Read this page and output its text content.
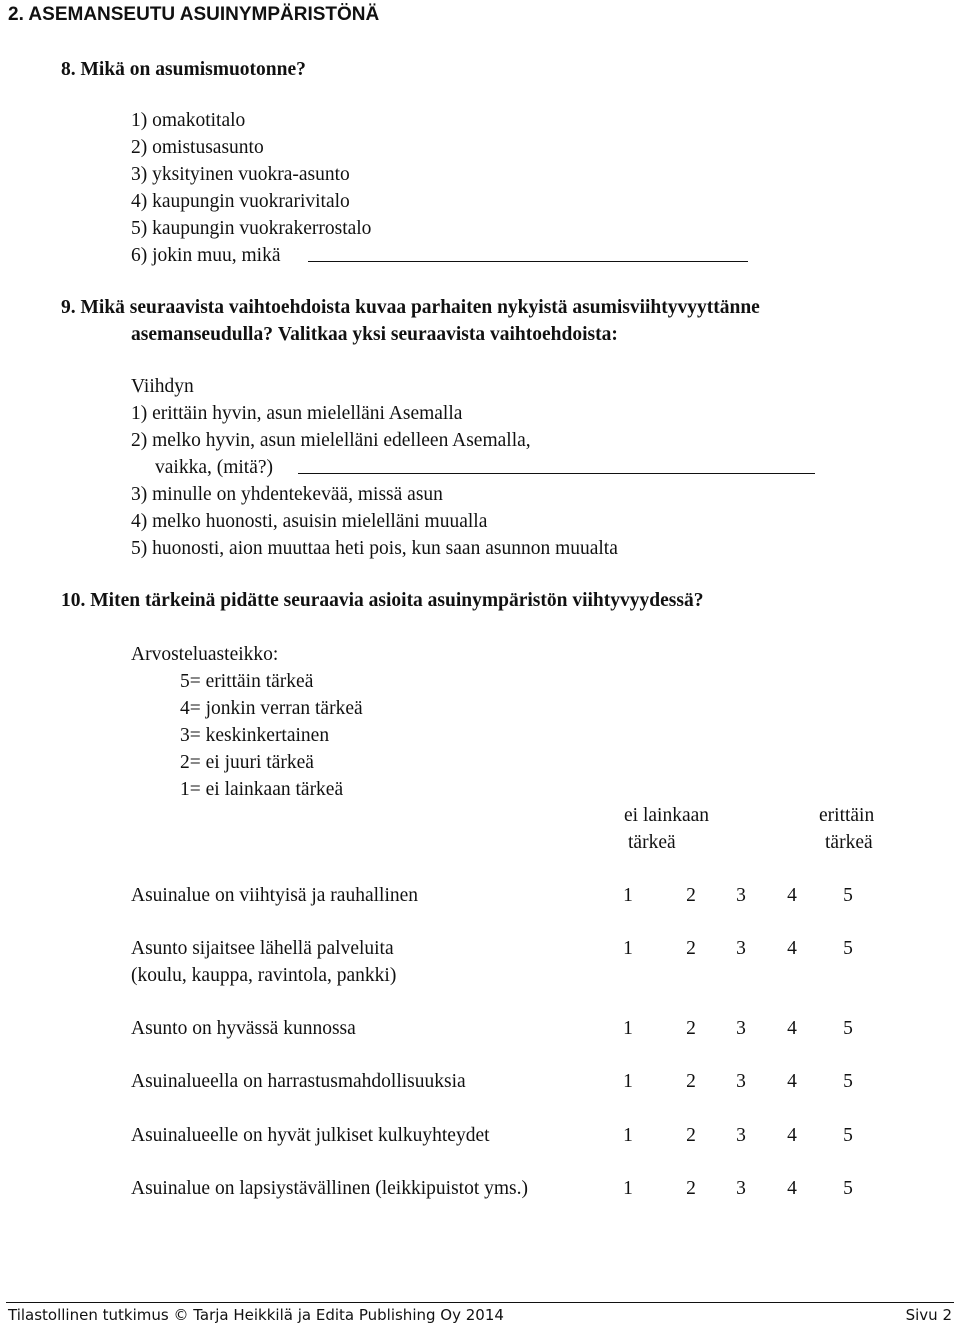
2. ASEMANSEUTU ASUINYMPÄRISTÖNÄ
8. Mikä on asumismuotonne?
1) omakotitalo
2) omistusasunto
3) yksityinen vuokra-asunto
4) kaupungin vuokrarivitalo
5) kaupungin vuokrakerrostalo
6) jokin muu, mikä
9. Mikä seuraavista vaihtoehdoista kuvaa parhaiten nykyistä asumisviihtyvyyttänne
asemanseudulla? Valitkaa yksi seuraavista vaihtoehdoista:
Viihdyn
1) erittäin hyvin, asun mielelläni Asemalla
2) melko hyvin, asun mielelläni edelleen Asemalla,
vaikka, (mitä?)
3) minulle on yhdentekevää, missä asun
4) melko huonosti, asuisin mielelläni muualla
5) huonosti, aion muuttaa heti pois, kun saan asunnon muualta
10. Miten tärkeinä pidätte seuraavia asioita asuinympäristön viihtyvyydessä?
Arvosteluasteikko:
5= erittäin tärkeä
4= jonkin verran tärkeä
3= keskinkertainen
2= ei juuri tärkeä
1= ei lainkaan tärkeä
ei lainkaan
tärkeä
erittäin
tärkeä
Asuinalue on viihtyisä ja rauhallinen	1	2 3 4 5
Asunto sijaitsee lähellä palveluita
(koulu, kauppa, ravintola, pankki)
1	2 3 4 5
Asunto on hyvässä kunnossa	1	2 3 4 5
Asuinalueella on harrastusmahdollisuuksia	1	2 3 4 5
Asuinalueelle on hyvät julkiset kulkuyhteydet	1	2 3 4 5
Asuinalue on lapsiystävällinen (leikkipuistot yms.)	1	2 3 4 5
Tilastollinen tutkimus © Tarja Heikkilä ja Edita Publishing Oy 2014	Sivu 2
